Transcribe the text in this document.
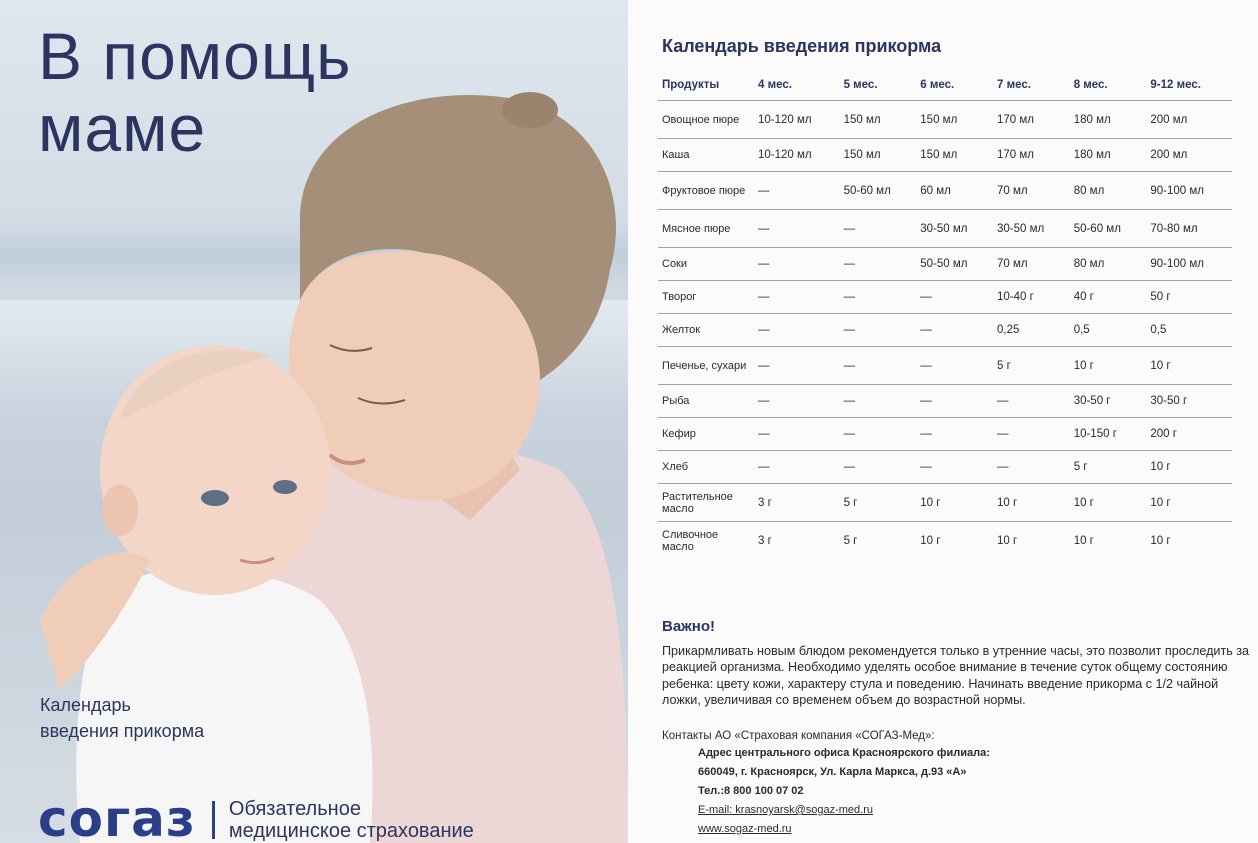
В помощь
маме
Календарь
введения прикорма
согаз Обязательное
медицинское страхование
Календарь введения прикорма
Продукты	4 мес.	5 мес.	6 мес.	7 мес.	8 мес.	9-12 мес.
Овощное пюре	10-120 мл	150 мл	150 мл	170 мл	180 мл	200 мл
Каша	10-120 мл	150 мл	150 мл	170 мл	180 мл	200 мл
Фруктовое пюре	—	50-60 мл	60 мл	70 мл	80 мл	90-100 мл
Мясное пюре	—	—	30-50 мл	30-50 мл	50-60 мл	70-80 мл
Соки	—	—	50-50 мл	70 мл	80 мл	90-100 мл
Творог	—	—	—	10-40 г	40 г	50 г
Желток	—	—	—	0,25	0,5	0,5
Печенье, сухари	—	—	—	5 г	10 г	10 г
Рыба	—	—	—	—	30-50 г	30-50 г
Кефир	—	—	—	—	10-150 г	200 г
Хлеб	—	—	—	—	5 г	10 г
Растительное масло	3 г	5 г	10 г	10 г	10 г	10 г
Сливочное масло	3 г	5 г	10 г	10 г	10 г	10 г
Важно!

Прикармливать новым блюдом рекомендуется только в утренние часы, это позволит проследить за реакцией организма. Необходимо уделять особое внимание в течение суток общему состоянию ребенка: цвету кожи, характеру стула и поведению. Начинать введение прикорма с 1/2 чайной ложки, увеличивая со временем объем до возрастной нормы.

Контакты АО «Страховая компания «СОГАЗ-Мед»:
Адрес центрального офиса Красноярского филиала:
660049, г. Красноярск, Ул. Карла Маркса, д.93 «А»
Тел.:8 800 100 07 02
E-mail: krasnoyarsk@sogaz-med.ru
www.sogaz-med.ru
